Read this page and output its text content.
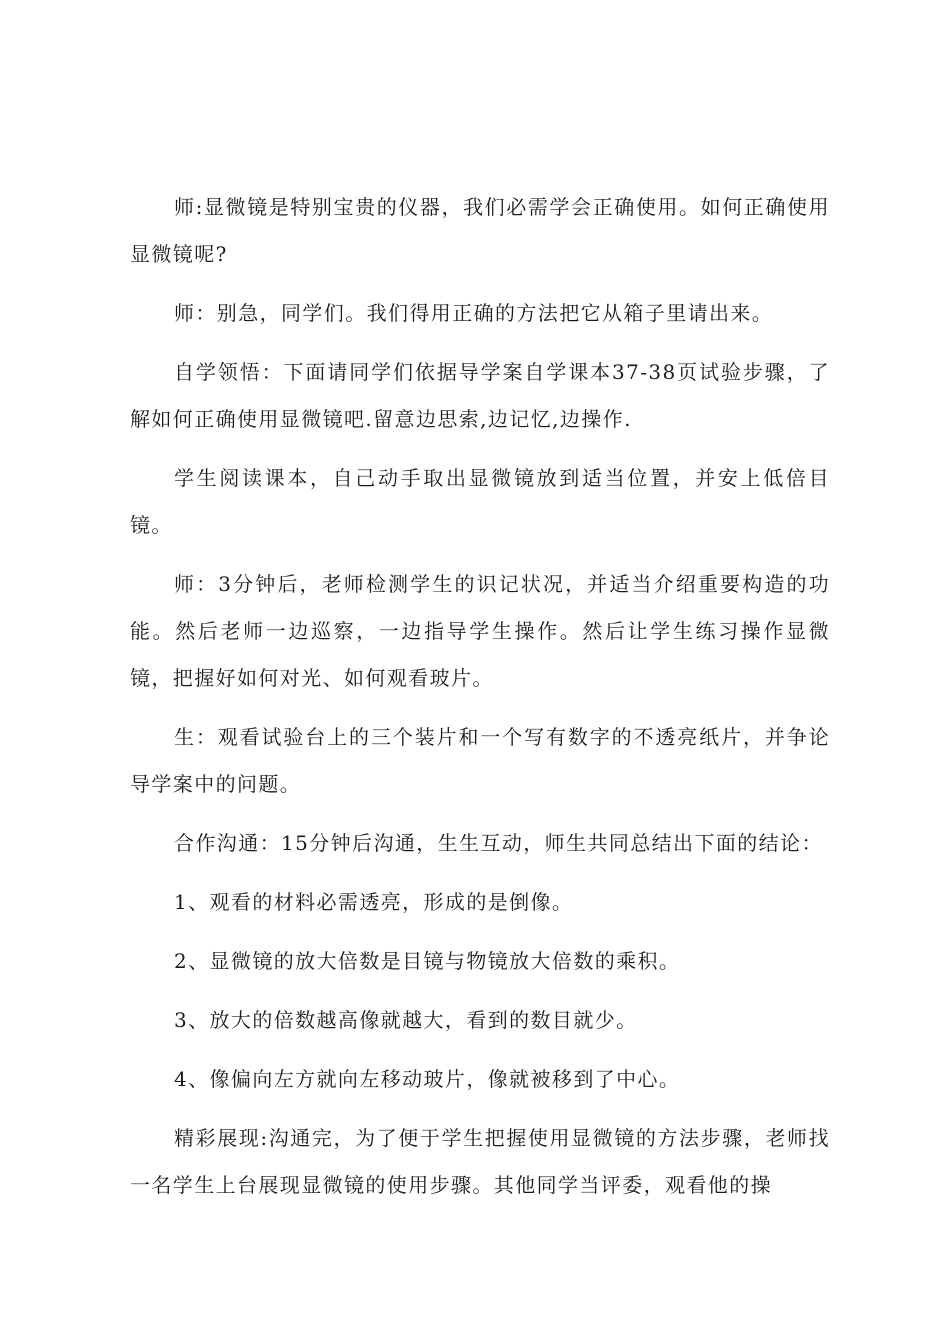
师:显微镜是特别宝贵的仪器，我们必需学会正确使用。如何正确使用显微镜呢?

师：别急，同学们。我们得用正确的方法把它从箱子里请出来。

自学领悟：下面请同学们依据导学案自学课本37-38页试验步骤，了解如何正确使用显微镜吧.留意边思索,边记忆,边操作.

学生阅读课本，自己动手取出显微镜放到适当位置，并安上低倍目镜。

师：3分钟后，老师检测学生的识记状况，并适当介绍重要构造的功能。然后老师一边巡察，一边指导学生操作。然后让学生练习操作显微镜，把握好如何对光、如何观看玻片。

生：观看试验台上的三个装片和一个写有数字的不透亮纸片，并争论导学案中的问题。

合作沟通：15分钟后沟通，生生互动，师生共同总结出下面的结论：

1、观看的材料必需透亮，形成的是倒像。

2、显微镜的放大倍数是目镜与物镜放大倍数的乘积。

3、放大的倍数越高像就越大，看到的数目就少。

4、像偏向左方就向左移动玻片，像就被移到了中心。

精彩展现:沟通完，为了便于学生把握使用显微镜的方法步骤，老师找一名学生上台展现显微镜的使用步骤。其他同学当评委，观看他的操
